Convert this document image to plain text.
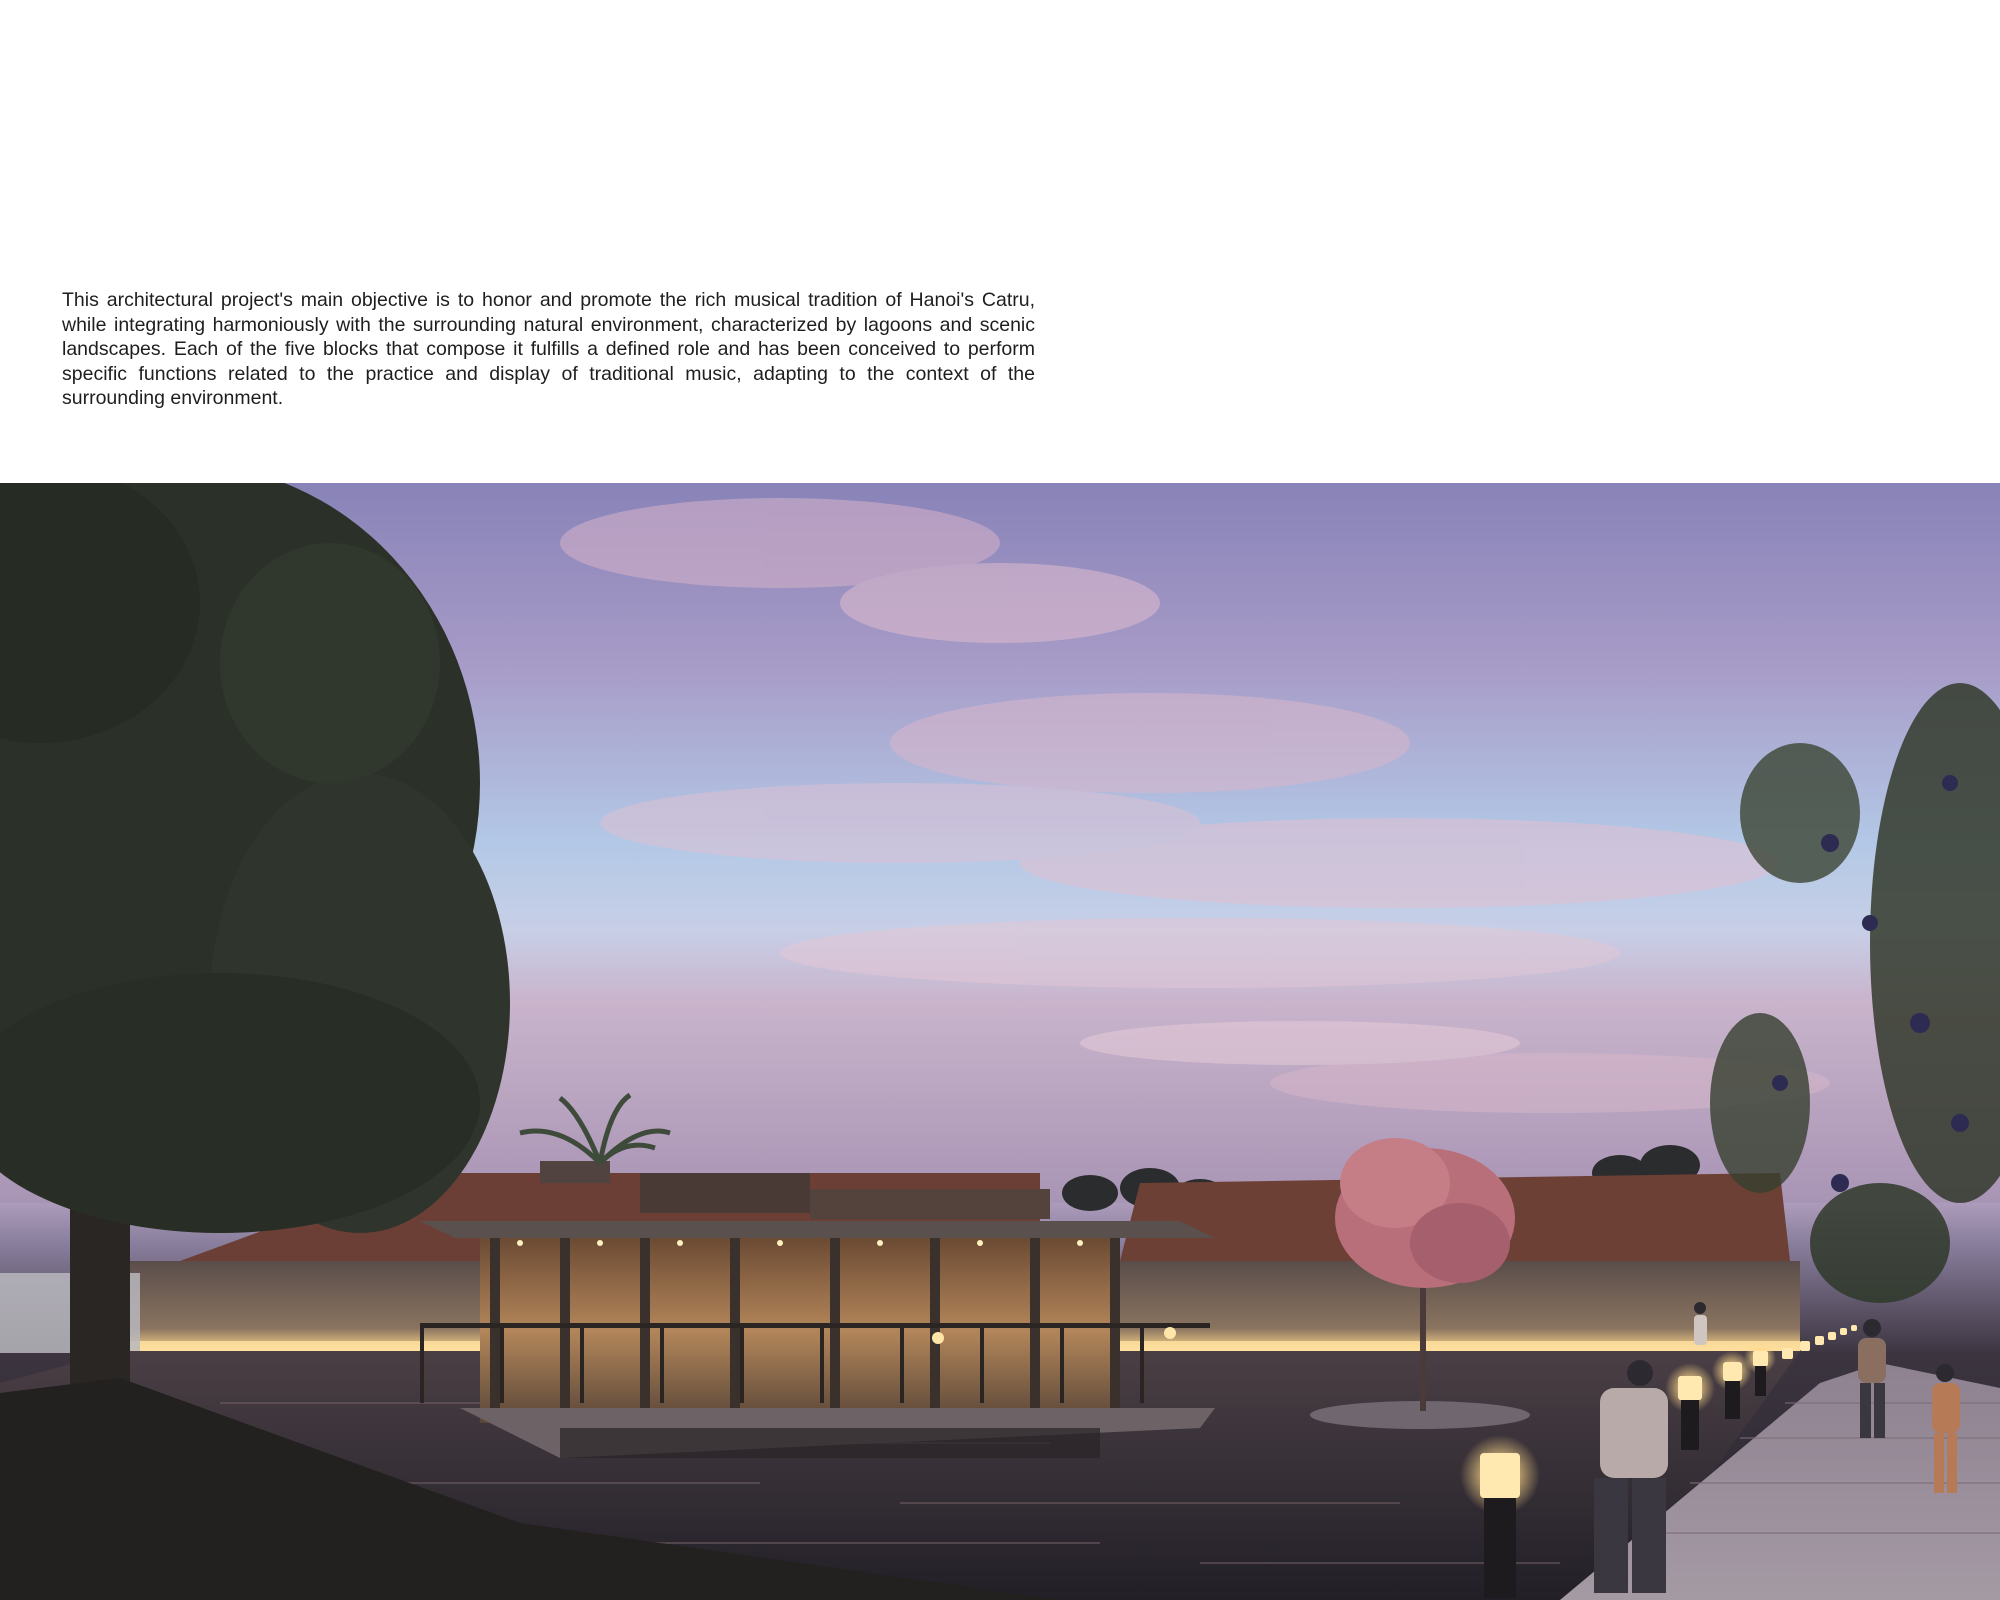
This architectural project's main objective is to honor and promote the rich musical tradition of Hanoi's Catru, while integrating harmoniously with the surrounding natural environment, characterized by lagoons and scenic landscapes. Each of the five blocks that compose it fulfills a defined role and has been conceived to perform specific functions related to the practice and display of traditional music, adapting to the context of the surrounding environment.
